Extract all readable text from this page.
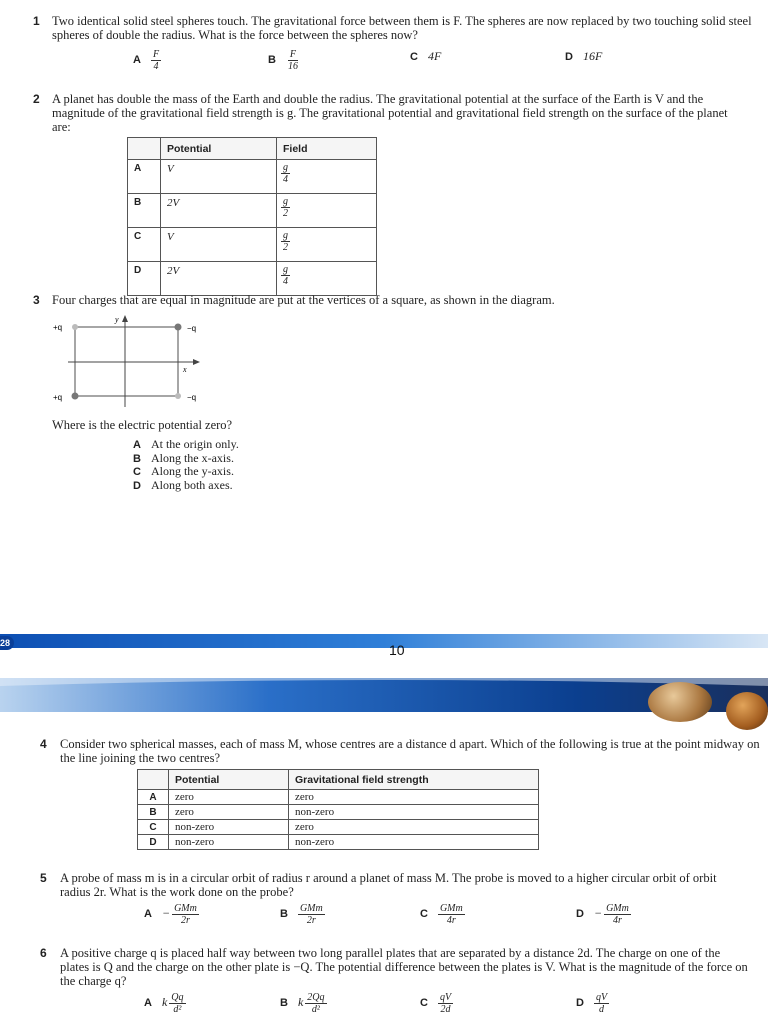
1 Two identical solid steel spheres touch. The gravitational force between them is F. The spheres are now replaced by two touching solid steel spheres of double the radius. What is the force between the spheres now?
2 A planet has double the mass of the Earth and double the radius. The gravitational potential at the surface of the Earth is V and the magnitude of the gravitational field strength is g. The gravitational potential and gravitational field strength on the surface of the planet are:
	Potential	Field
A	V	$\frac{g}{4}$

B	2V	$\frac{g}{2}$

C	V	$\frac{g}{2}$

D	2V	$\frac{g}{4}$
3 Four charges that are equal in magnitude are put at the vertices of a square, as shown in the diagram.
+q	−q
+q	−q
x
y
Where is the electric potential zero?
28	10
4 Consider two spherical masses, each of mass M, whose centres are a distance d apart. Which of the following is true at the point midway on the line joining the two centres?
	Potential	Gravitational field strength
A	zero	zero
B	zero	non-zero
C	non-zero	zero
D	non-zero	non-zero
5 A probe of mass m is in a circular orbit of radius r around a planet of mass M. The probe is moved to a higher circular orbit of orbit radius 2r. What is the work done on the probe?
6 A positive charge q is placed half way between two long parallel plates that are separated by a distance 2d. The charge on one of the plates is Q and the charge on the other plate is −Q. The potential difference between the plates is V. What is the magnitude of the force on the charge q?
A $\frac{F}{4}$	B $\frac{F}{16}$	C 4F	D 16F
A At the origin only.
B Along the x-axis.
C Along the y-axis.
D Along both axes.
$A - \frac{\text{GMm}}{2r}$	B $\frac{\text{GMm}}{2r}$	C $\frac{\text{GMm}}{4r}$	$D - \frac{\text{GMm}}{4r}$
A k $\frac{Qq}{\text{d²}}$	B k $\frac{2Qq}{\text{d²}}$	C $\frac{qV}{2d}$	D $\frac{qV}{d}$
